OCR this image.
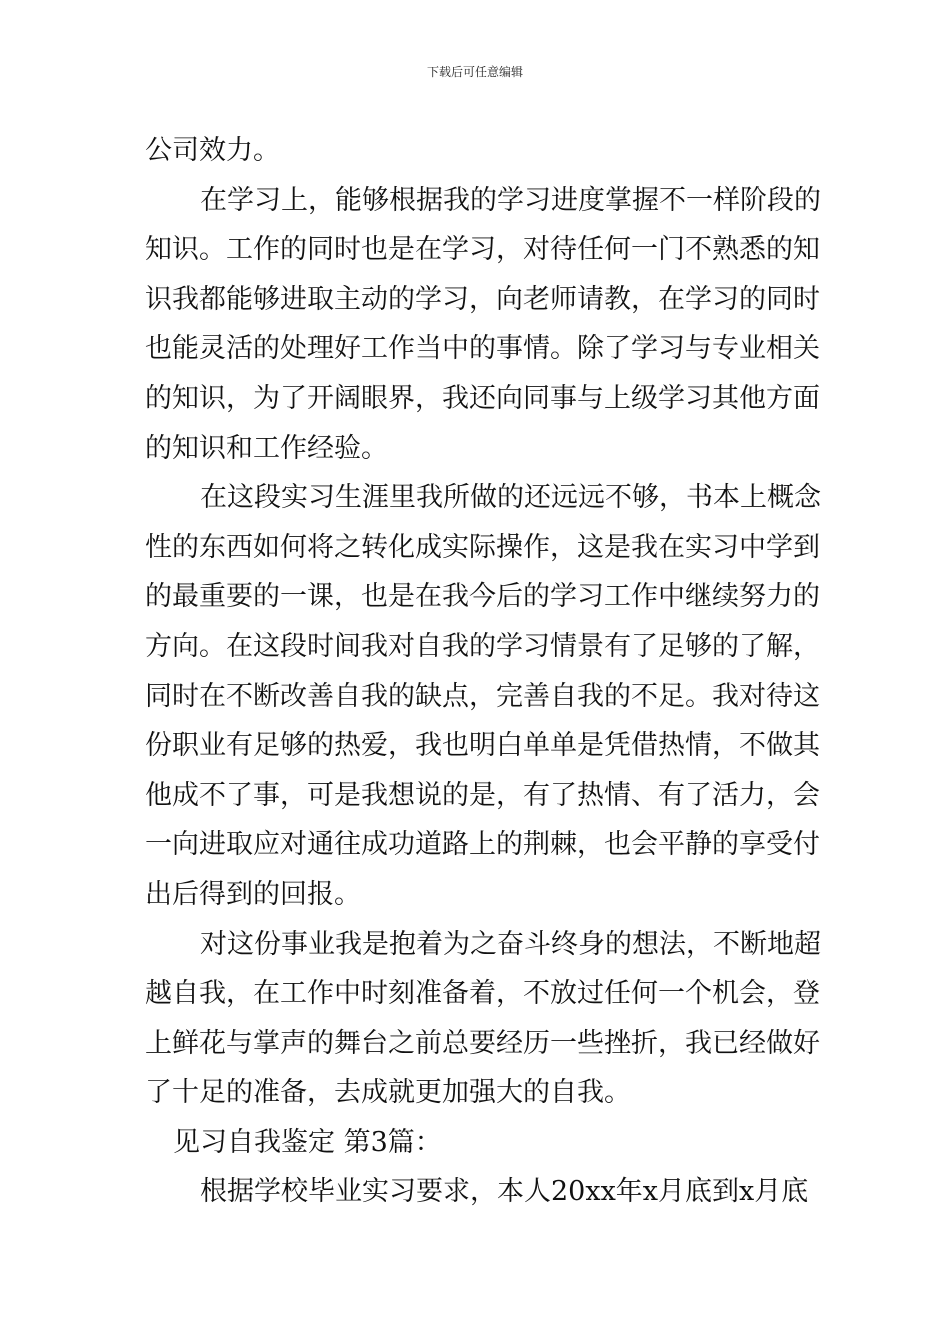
下载后可任意编辑
公司效力。
在学习上，能够根据我的学习进度掌握不一样阶段的
知识。工作的同时也是在学习，对待任何一门不熟悉的知
识我都能够进取主动的学习，向老师请教，在学习的同时
也能灵活的处理好工作当中的事情。除了学习与专业相关
的知识，为了开阔眼界，我还向同事与上级学习其他方面
的知识和工作经验。
在这段实习生涯里我所做的还远远不够，书本上概念
性的东西如何将之转化成实际操作，这是我在实习中学到
的最重要的一课，也是在我今后的学习工作中继续努力的
方向。在这段时间我对自我的学习情景有了足够的了解，
同时在不断改善自我的缺点，完善自我的不足。我对待这
份职业有足够的热爱，我也明白单单是凭借热情，不做其
他成不了事，可是我想说的是，有了热情、有了活力，会
一向进取应对通往成功道路上的荆棘，也会平静的享受付
出后得到的回报。
对这份事业我是抱着为之奋斗终身的想法，不断地超
越自我，在工作中时刻准备着，不放过任何一个机会，登
上鲜花与掌声的舞台之前总要经历一些挫折，我已经做好
了十足的准备，去成就更加强大的自我。
见习自我鉴定 第3篇：
根据学校毕业实习要求，本人20xx年x月底到x月底
